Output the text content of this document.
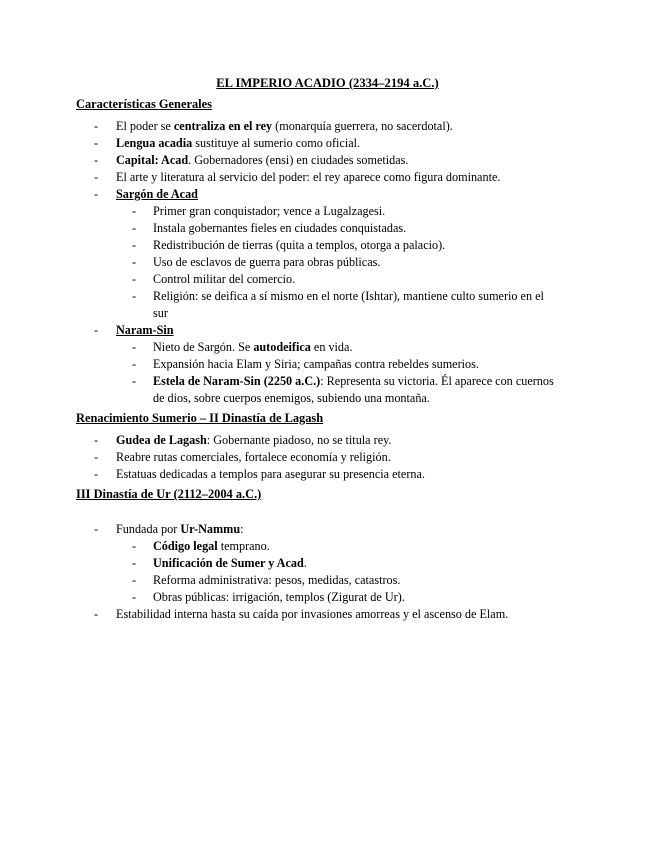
EL IMPERIO ACADIO (2334–2194 a.C.)
Características Generales
- El poder se centraliza en el rey (monarquía guerrera, no sacerdotal).
- Lengua acadia sustituye al sumerio como oficial.
- Capital: Acad. Gobernadores (ensi) en ciudades sometidas.
- El arte y literatura al servicio del poder: el rey aparece como figura dominante.
- Sargón de Acad
- Primer gran conquistador; vence a Lugalzagesi.
- Instala gobernantes fieles en ciudades conquistadas.
- Redistribución de tierras (quita a templos, otorga a palacio).
- Uso de esclavos de guerra para obras públicas.
- Control militar del comercio.
- Religión: se deifica a sí mismo en el norte (Ishtar), mantiene culto sumerio en el
sur
- Naram-Sin
- Nieto de Sargón. Se autodeifica en vida.
- Expansión hacia Elam y Siria; campañas contra rebeldes sumerios.
- Estela de Naram-Sin (2250 a.C.): Representa su victoria. Él aparece con cuernos
de dios, sobre cuerpos enemigos, subiendo una montaña.
Renacimiento Sumerio – II Dinastía de Lagash
- Gudea de Lagash: Gobernante piadoso, no se titula rey.
- Reabre rutas comerciales, fortalece economía y religión.
- Estatuas dedicadas a templos para asegurar su presencia eterna.
III Dinastía de Ur (2112–2004 a.C.)
- Fundada por Ur-Nammu:
- Código legal temprano.
- Unificación de Sumer y Acad.
- Reforma administrativa: pesos, medidas, catastros.
- Obras públicas: irrigación, templos (Zigurat de Ur).
- Estabilidad interna hasta su caída por invasiones amorreas y el ascenso de Elam.
